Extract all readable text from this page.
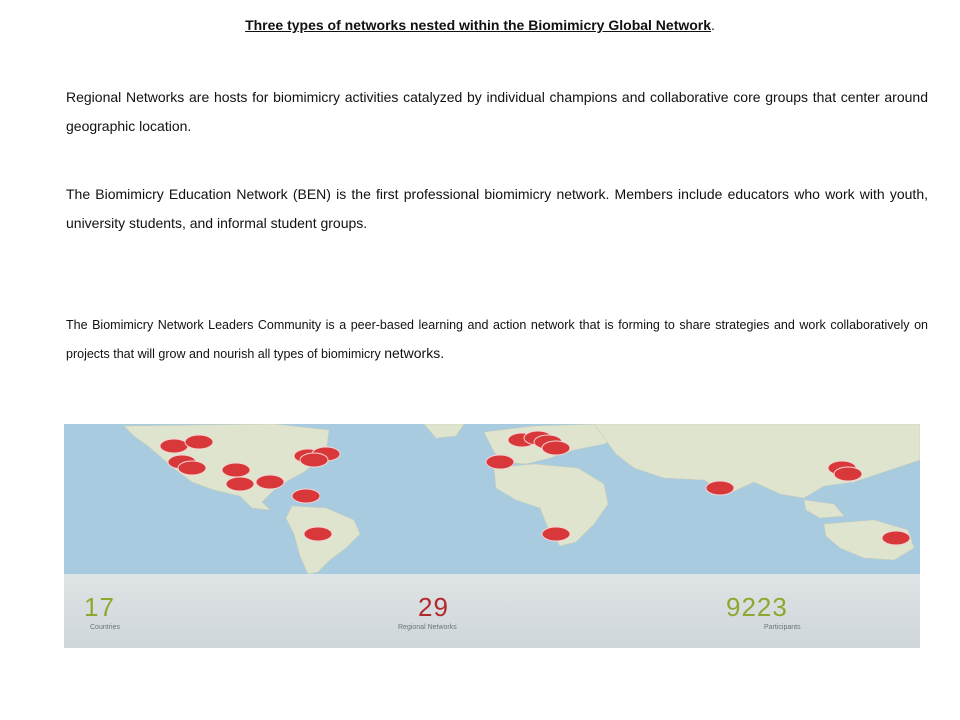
Three types of networks nested within the Biomimicry Global Network.

Regional Networks are hosts for biomimicry activities catalyzed by individual champions and collaborative core groups that center around geographic location.

The Biomimicry Education Network (BEN) is the first professional biomimicry network. Members include educators who work with youth, university students, and informal student groups.

The Biomimicry Network Leaders Community is a peer-based learning and action network that is forming to share strategies and work collaboratively on projects that will grow and nourish all types of biomimicry networks.

17
Countries
29
Regional Networks
9223
Participants
